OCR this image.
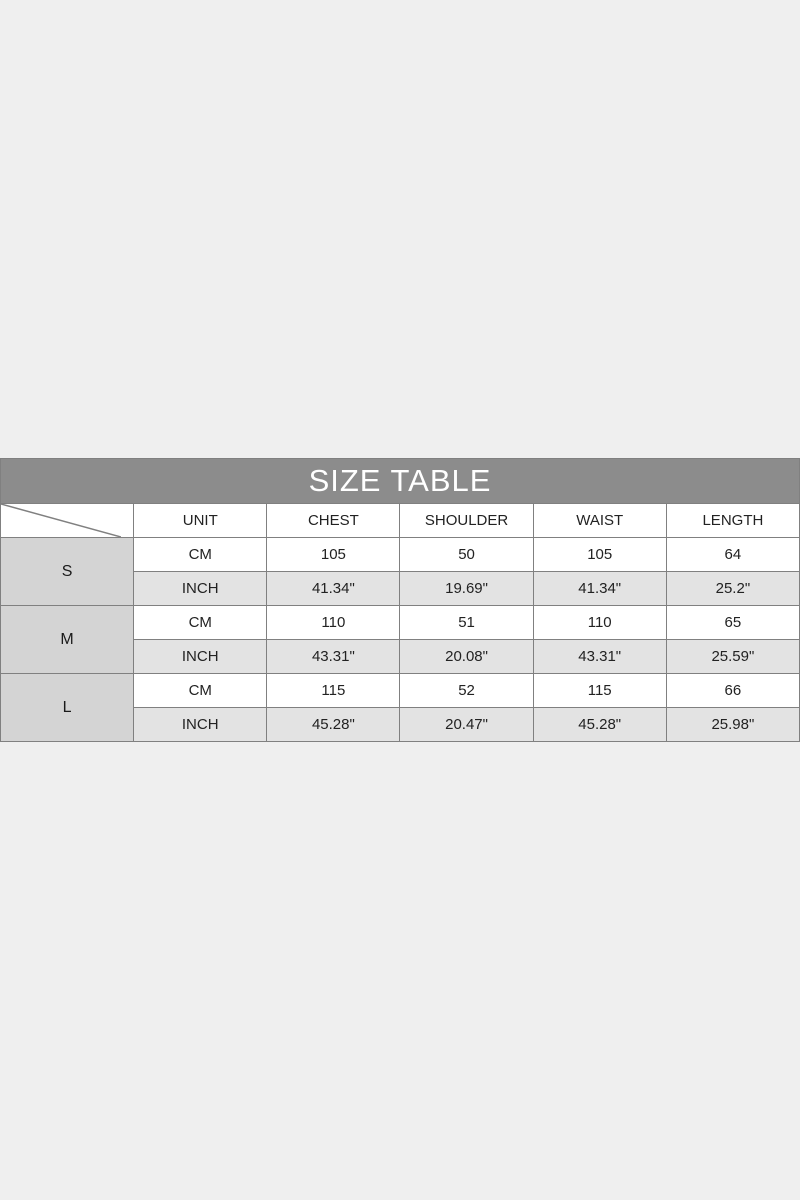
SIZE TABLE					

	UNIT	CHEST	SHOULDER	WAIST	LENGTH
S	CM	105	50	105	64
	INCH	41.34"	19.69"	41.34"	25.2"
M	CM	110	51	110	65
	INCH	43.31"	20.08"	43.31"	25.59"
L	CM	115	52	115	66
	INCH	45.28"	20.47"	45.28"	25.98"
